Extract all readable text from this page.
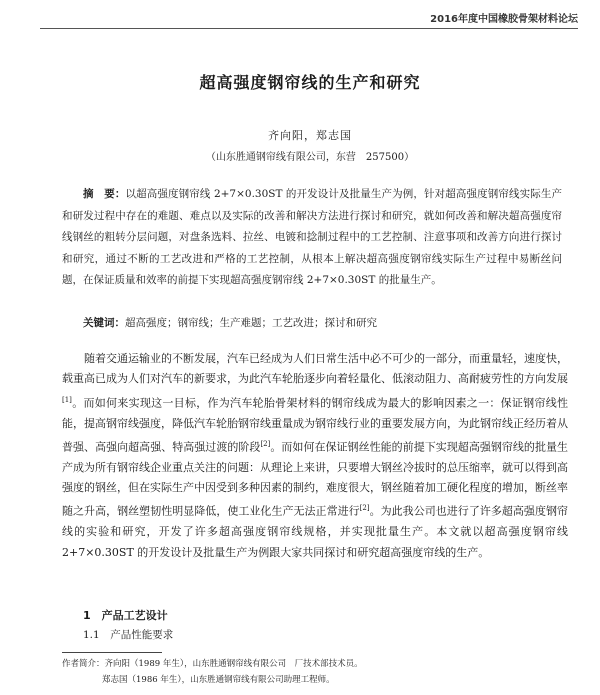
2016年度中国橡胶骨架材料论坛
超高强度钢帘线的生产和研究
齐向阳，郑志国
（山东胜通钢帘线有限公司，东营　257500）

摘　要：以超高强度钢帘线 2+7×0.30ST 的开发设计及批量生产为例，针对超高强度钢帘线实际生产和研发过程中存在的难题、难点以及实际的改善和解决方法进行探讨和研究，就如何改善和解决超高强度帘线钢丝的粗转分层问题，对盘条选料、拉丝、电镀和捻制过程中的工艺控制、注意事项和改善方向进行探讨和研究，通过不断的工艺改进和严格的工艺控制，从根本上解决超高强度钢帘线实际生产过程中易断丝问题，在保证质量和效率的前提下实现超高强度钢帘线 2+7×0.30ST 的批量生产。

关键词：超高强度；钢帘线；生产难题；工艺改进；探讨和研究

随着交通运输业的不断发展，汽车已经成为人们日常生活中必不可少的一部分，而重量轻，速度快，载重高已成为人们对汽车的新要求，为此汽车轮胎逐步向着轻量化、低滚动阻力、高耐疲劳性的方向发展[1]。而如何来实现这一目标，作为汽车轮胎骨架材料的钢帘线成为最大的影响因素之一：保证钢帘线性能，提高钢帘线强度，降低汽车轮胎钢帘线重量成为钢帘线行业的重要发展方向，为此钢帘线正经历着从普强、高强向超高强、特高强过渡的阶段[2]。而如何在保证钢丝性能的前提下实现超高强钢帘线的批量生产成为所有钢帘线企业重点关注的问题：从理论上来讲，只要增大钢丝冷拔时的总压缩率，就可以得到高强度的钢丝，但在实际生产中因受到多种因素的制约，难度很大，钢丝随着加工硬化程度的增加，断丝率随之升高，钢丝塑韧性明显降低，使工业化生产无法正常进行[2]。为此我公司也进行了许多超高强度钢帘线的实验和研究，开发了许多超高强度钢帘线规格，并实现批量生产。本文就以超高强度钢帘线 2+7×0.30ST 的开发设计及批量生产为例跟大家共同探讨和研究超高强度帘线的生产。

1　产品工艺设计
1.1　产品性能要求
作者简介：齐向阳（1989 年生），山东胜通钢帘线有限公司　厂技术部技术员。
郑志国（1986 年生），山东胜通钢帘线有限公司助理工程师。
